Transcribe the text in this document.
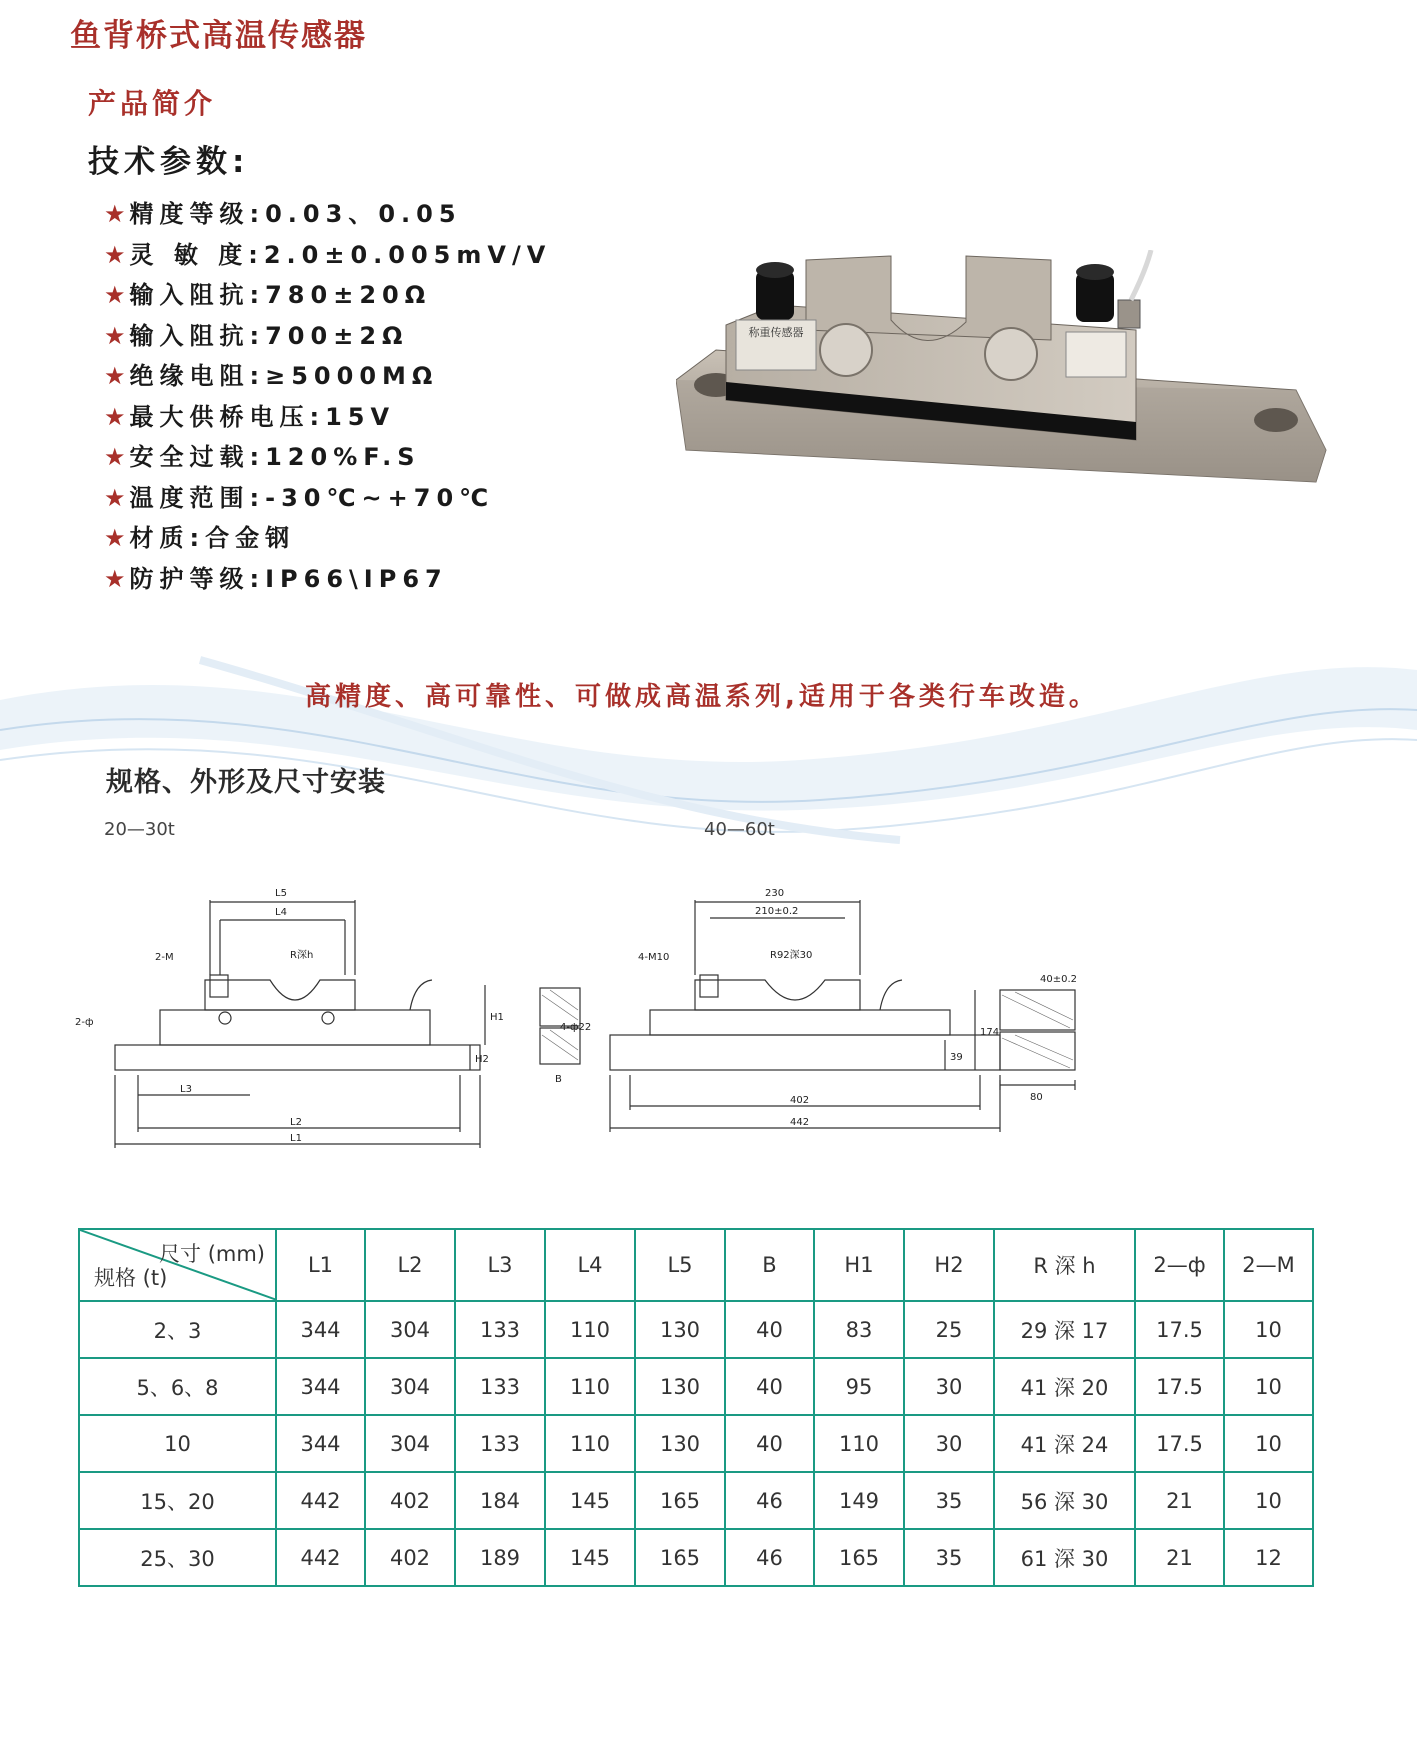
鱼背桥式高温传感器
产品简介
技术参数:
★ 精度等级:0.03、0.05
★ 灵 敏 度:2.0±0.005mV/V
★ 输入阻抗:780±20Ω
★ 输入阻抗:700±2Ω
★ 绝缘电阻:≥5000MΩ
★ 最大供桥电压:15V
★ 安全过载:120%F.S
★ 温度范围:-30℃~+70℃
★ 材质:合金钢
★ 防护等级:IP66\IP67
称重传感器
高精度、高可靠性、可做成高温系列,适用于各类行车改造。
规格、外形及尺寸安装
20—30t	40—60t
L5
L4
2-M	R深h
2-ф	H1
H2
L3
L2
L1
B
230
210±0.2
4-M10	R92深30
4-ф22	174
39
402
442
40±0.2
80
尺寸 (mm)
规格 (t)	L1	L2	L3	L4	L5	B	H1	H2	R 深 h	2—ф	2—M
2、3	344	304	133	110	130	40	83	25	29 深 17	17.5	10
5、6、8	344	304	133	110	130	40	95	30	41 深 20	17.5	10
10	344	304	133	110	130	40	110	30	41 深 24	17.5	10
15、20	442	402	184	145	165	46	149	35	56 深 30	21	10
25、30	442	402	189	145	165	46	165	35	61 深 30	21	12
